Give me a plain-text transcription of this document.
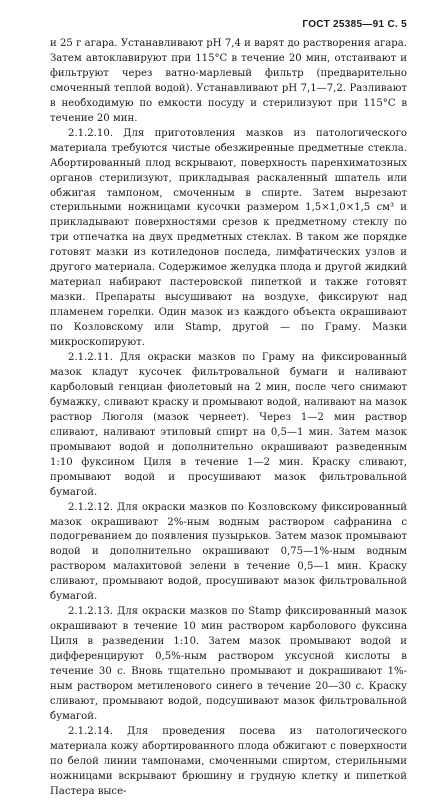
ГОСТ 25385—91 С. 5

и 25 г агара. Устанавливают pH 7,4 и варят до растворения агара. Затем автоклавируют при 115°С в течение 20 мин, отстаивают и фильтруют через ватно-марлевый фильтр (предварительно смоченный теплой водой). Устанавливают pH 7,1—7,2. Разливают в необходимую по емкости посуду и стерилизуют при 115°С в течение 20 мин.

2.1.2.10. Для приготовления мазков из патологического материала требуются чистые обезжиренные предметные стекла. Абортированный плод вскрывают, поверхность паренхиматозных органов стерилизуют, прикладывая раскаленный шпатель или обжигая тампоном, смоченным в спирте. Затем вырезают стерильными ножницами кусочки размером 1,5×1,0×1,5 см³ и прикладывают поверхностями срезов к предметному стеклу по три отпечатка на двух предметных стеклах. В таком же порядке готовят мазки из котиледонов последа, лимфатических узлов и другого материала. Содержимое желудка плода и другой жидкий материал набирают пастеровской пипеткой и также готовят мазки. Препараты высушивают на воздухе, фиксируют над пламенем горелки. Один мазок из каждого объекта окрашивают по Козловскому или Stamp, другой — по Граму. Мазки микроскопируют.

2.1.2.11. Для окраски мазков по Граму на фиксированный мазок кладут кусочек фильтровальной бумаги и наливают карболовый генциан фиолетовый на 2 мин, после чего снимают бумажку, сливают краску и промывают водой, наливают на мазок раствор Люголя (мазок чернеет). Через 1—2 мин раствор сливают, наливают этиловый спирт на 0,5—1 мин. Затем мазок промывают водой и дополнительно окрашивают разведенным 1:10 фуксином Циля в течение 1—2 мин. Краску сливают, промывают водой и просушивают мазок фильтровальной бумагой.

2.1.2.12. Для окраски мазков по Козловскому фиксированный мазок окрашивают 2%-ным водным раствором сафранина с подогреванием до появления пузырьков. Затем мазок промывают водой и дополнительно окрашивают 0,75—1%-ным водным раствором малахитовой зелени в течение 0,5—1 мин. Краску сливают, промывают водой, просушивают мазок фильтровальной бумагой.

2.1.2.13. Для окраски мазков по Stamp фиксированный мазок окрашивают в течение 10 мин раствором карболового фуксина Циля в разведении 1:10. Затем мазок промывают водой и дифференцируют 0,5%-ным раствором уксусной кислоты в течение 30 с. Вновь тщательно промывают и докрашивают 1%-ным раствором метиленового синего в течение 20—30 с. Краску сливают, промывают водой, подсушивают мазок фильтровальной бумагой.

2.1.2.14. Для проведения посева из патологического материала кожу абортированного плода обжигают с поверхности по белой линии тампонами, смоченными спиртом, стерильными ножницами вскрывают брюшину и грудную клетку и пипеткой Пастера высе-
